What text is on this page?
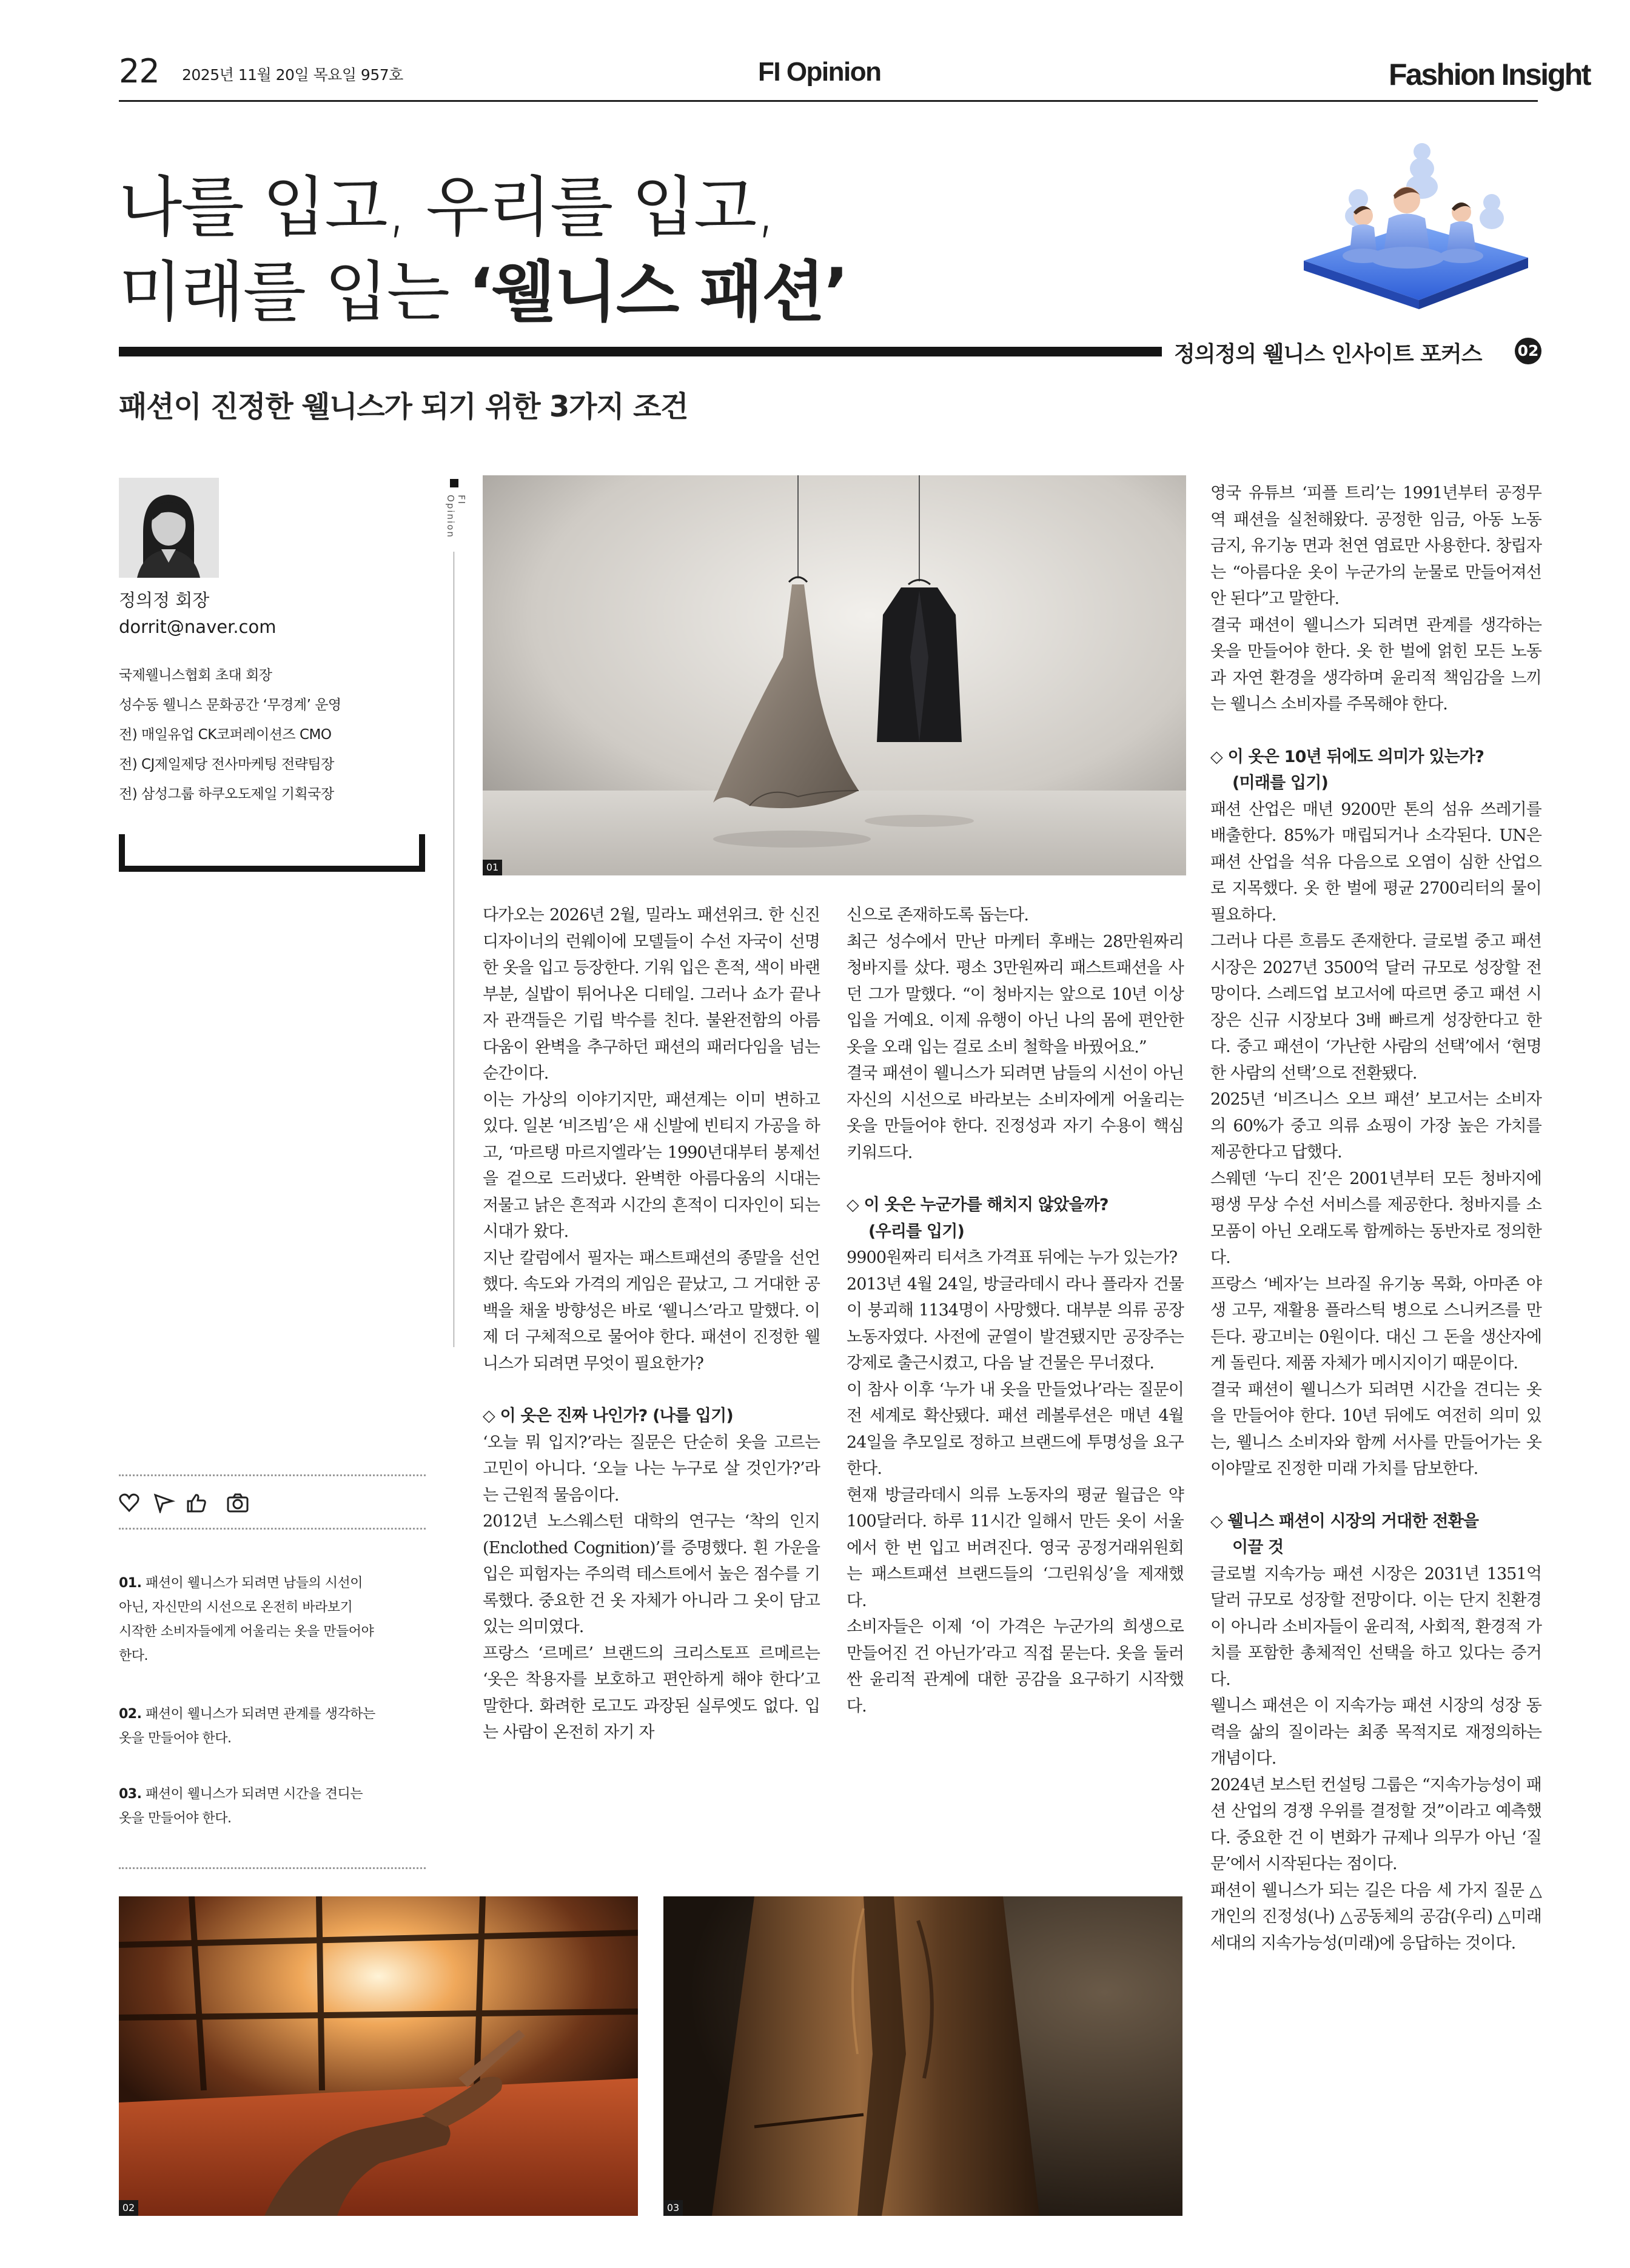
22 2025년 11월 20일 목요일 957호	FI Opinion	Fashion Insight
나를 입고, 우리를 입고,
미래를 입는 ‘웰니스 패션’
정의정의 웰니스 인사이트 포커스 02
패션이 진정한 웰니스가 되기 위한 3가지 조건
정의정 회장
dorrit@naver.com
국제웰니스협회 초대 회장
성수동 웰니스 문화공간 ‘무경계’ 운영
전) 매일유업 CK코퍼레이션즈 CMO
전) CJ제일제당 전사마케팅 전략팀장
전) 삼성그룹 하쿠오도제일 기획국장
01. 패션이 웰니스가 되려면 남들의 시선이
아닌, 자신만의 시선으로 온전히 바라보기
시작한 소비자들에게 어울리는 옷을 만들어야
한다.
02. 패션이 웰니스가 되려면 관계를 생각하는
옷을 만들어야 한다.
03. 패션이 웰니스가 되려면 시간을 견디는
옷을 만들어야 한다.
FI Opinion
01

다가오는 2026년 2월, 밀라노 패션위크. 한 신진 디자이너의 런웨이에 모델들이 수선 자국이 선명한 옷을 입고 등장한다. 기워 입은 흔적, 색이 바랜 부분, 실밥이 튀어나온 디테일. 그러나 쇼가 끝나자 관객들은 기립 박수를 친다. 불완전함의 아름다움이 완벽을 추구하던 패션의 패러다임을 넘는 순간이다.

이는 가상의 이야기지만, 패션계는 이미 변하고 있다. 일본 ‘비즈빔’은 새 신발에 빈티지 가공을 하고, ‘마르탱 마르지엘라’는 1990년대부터 봉제선을 겉으로 드러냈다. 완벽한 아름다움의 시대는 저물고 낡은 흔적과 시간의 흔적이 디자인이 되는 시대가 왔다.

지난 칼럼에서 필자는 패스트패션의 종말을 선언했다. 속도와 가격의 게임은 끝났고, 그 거대한 공백을 채울 방향성은 바로 ‘웰니스’라고 말했다. 이제 더 구체적으로 물어야 한다. 패션이 진정한 웰니스가 되려면 무엇이 필요한가?

◇ 이 옷은 진짜 나인가? (나를 입기)

‘오늘 뭐 입지?’라는 질문은 단순히 옷을 고르는 고민이 아니다. ‘오늘 나는 누구로 살 것인가?’라는 근원적 물음이다.

2012년 노스웨스턴 대학의 연구는 ‘착의 인지(Enclothed Cognition)’를 증명했다. 흰 가운을 입은 피험자는 주의력 테스트에서 높은 점수를 기록했다. 중요한 건 옷 자체가 아니라 그 옷이 담고 있는 의미였다.

프랑스 ‘르메르’ 브랜드의 크리스토프 르메르는 ‘옷은 착용자를 보호하고 편안하게 해야 한다’고 말한다. 화려한 로고도 과장된 실루엣도 없다. 입는 사람이 온전히 자기 자

신으로 존재하도록 돕는다.

최근 성수에서 만난 마케터 후배는 28만원짜리 청바지를 샀다. 평소 3만원짜리 패스트패션을 사던 그가 말했다. “이 청바지는 앞으로 10년 이상 입을 거예요. 이제 유행이 아닌 나의 몸에 편안한 옷을 오래 입는 걸로 소비 철학을 바꿨어요.”

결국 패션이 웰니스가 되려면 남들의 시선이 아닌 자신의 시선으로 바라보는 소비자에게 어울리는 옷을 만들어야 한다. 진정성과 자기 수용이 핵심 키워드다.

◇ 이 옷은 누군가를 해치지 않았을까?
(우리를 입기)

9900원짜리 티셔츠 가격표 뒤에는 누가 있는가?

2013년 4월 24일, 방글라데시 라나 플라자 건물이 붕괴해 1134명이 사망했다. 대부분 의류 공장 노동자였다. 사전에 균열이 발견됐지만 공장주는 강제로 출근시켰고, 다음 날 건물은 무너졌다.

이 참사 이후 ‘누가 내 옷을 만들었나’라는 질문이 전 세계로 확산됐다. 패션 레볼루션은 매년 4월 24일을 추모일로 정하고 브랜드에 투명성을 요구한다.

현재 방글라데시 의류 노동자의 평균 월급은 약 100달러다. 하루 11시간 일해서 만든 옷이 서울에서 한 번 입고 버려진다. 영국 공정거래위원회는 패스트패션 브랜드들의 ‘그린워싱’을 제재했다.

소비자들은 이제 ‘이 가격은 누군가의 희생으로 만들어진 건 아닌가’라고 직접 묻는다. 옷을 둘러싼 윤리적 관계에 대한 공감을 요구하기 시작했다.

영국 유튜브 ‘피플 트리’는 1991년부터 공정무역 패션을 실천해왔다. 공정한 임금, 아동 노동 금지, 유기농 면과 천연 염료만 사용한다. 창립자는 “아름다운 옷이 누군가의 눈물로 만들어져선 안 된다”고 말한다.

결국 패션이 웰니스가 되려면 관계를 생각하는 옷을 만들어야 한다. 옷 한 벌에 얽힌 모든 노동과 자연 환경을 생각하며 윤리적 책임감을 느끼는 웰니스 소비자를 주목해야 한다.

◇ 이 옷은 10년 뒤에도 의미가 있는가?
(미래를 입기)

패션 산업은 매년 9200만 톤의 섬유 쓰레기를 배출한다. 85%가 매립되거나 소각된다. UN은 패션 산업을 석유 다음으로 오염이 심한 산업으로 지목했다. 옷 한 벌에 평균 2700리터의 물이 필요하다.

그러나 다른 흐름도 존재한다. 글로벌 중고 패션 시장은 2027년 3500억 달러 규모로 성장할 전망이다. 스레드업 보고서에 따르면 중고 패션 시장은 신규 시장보다 3배 빠르게 성장한다고 한다. 중고 패션이 ‘가난한 사람의 선택’에서 ‘현명한 사람의 선택’으로 전환됐다.

2025년 ‘비즈니스 오브 패션’ 보고서는 소비자의 60%가 중고 의류 쇼핑이 가장 높은 가치를 제공한다고 답했다.

스웨덴 ‘누디 진’은 2001년부터 모든 청바지에 평생 무상 수선 서비스를 제공한다. 청바지를 소모품이 아닌 오래도록 함께하는 동반자로 정의한다.

프랑스 ‘베자’는 브라질 유기농 목화, 아마존 야생 고무, 재활용 플라스틱 병으로 스니커즈를 만든다. 광고비는 0원이다. 대신 그 돈을 생산자에게 돌린다. 제품 자체가 메시지이기 때문이다.

결국 패션이 웰니스가 되려면 시간을 견디는 옷을 만들어야 한다. 10년 뒤에도 여전히 의미 있는, 웰니스 소비자와 함께 서사를 만들어가는 옷이야말로 진정한 미래 가치를 담보한다.

◇ 웰니스 패션이 시장의 거대한 전환을
이끌 것

글로벌 지속가능 패션 시장은 2031년 1351억 달러 규모로 성장할 전망이다. 이는 단지 친환경이 아니라 소비자들이 윤리적, 사회적, 환경적 가치를 포함한 총체적인 선택을 하고 있다는 증거다.

웰니스 패션은 이 지속가능 패션 시장의 성장 동력을 삶의 질이라는 최종 목적지로 재정의하는 개념이다.

2024년 보스턴 컨설팅 그룹은 “지속가능성이 패션 산업의 경쟁 우위를 결정할 것”이라고 예측했다. 중요한 건 이 변화가 규제나 의무가 아닌 ‘질문’에서 시작된다는 점이다.

패션이 웰니스가 되는 길은 다음 세 가지 질문 △개인의 진정성(나) △공동체의 공감(우리) △미래 세대의 지속가능성(미래)에 응답하는 것이다.

02	03
